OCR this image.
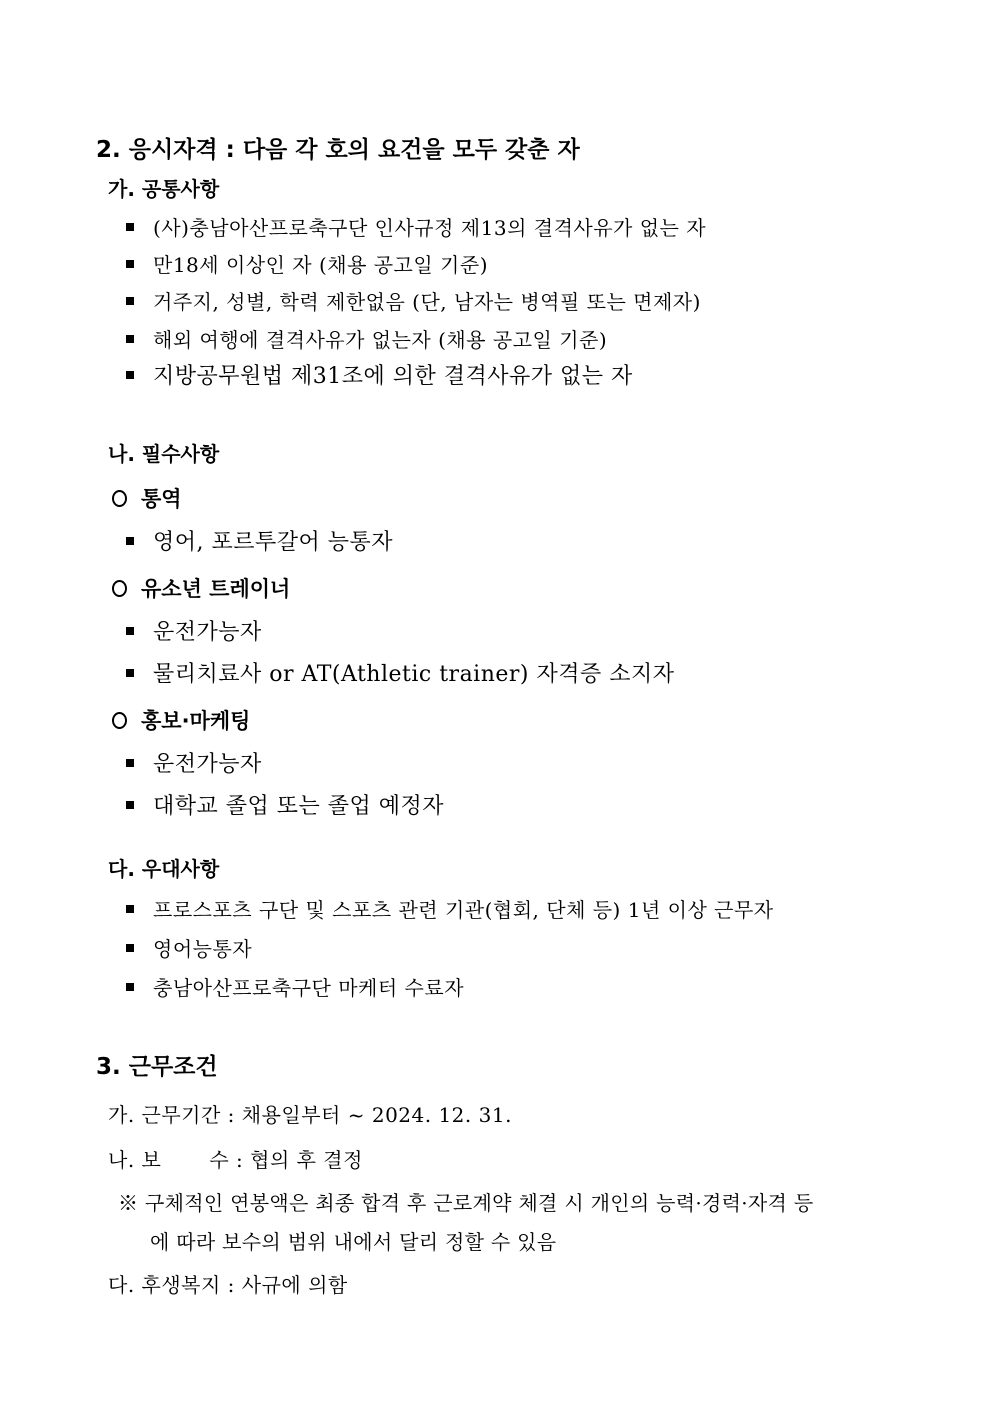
2. 응시자격 : 다음 각 호의 요건을 모두 갖춘 자
가. 공통사항
(사)충남아산프로축구단 인사규정 제13의 결격사유가 없는 자
만18세 이상인 자 (채용 공고일 기준)
거주지, 성별, 학력 제한없음 (단, 남자는 병역필 또는 면제자)
해외 여행에 결격사유가 없는자 (채용 공고일 기준)
지방공무원법 제31조에 의한 결격사유가 없는 자
나. 필수사항
통역
영어, 포르투갈어 능통자
유소년 트레이너
운전가능자
물리치료사 or AT(Athletic trainer) 자격증 소지자
홍보·마케팅
운전가능자
대학교 졸업 또는 졸업 예정자
다. 우대사항
프로스포츠 구단 및 스포츠 관련 기관(협회, 단체 등) 1년 이상 근무자
영어능통자
충남아산프로축구단 마케터 수료자
3. 근무조건
가. 근무기간 : 채용일부터 ~ 2024. 12. 31.
나. 보       수 : 협의 후 결정
※ 구체적인 연봉액은 최종 합격 후 근로계약 체결 시 개인의 능력·경력·자격 등
에 따라 보수의 범위 내에서 달리 정할 수 있음
다. 후생복지 : 사규에 의함
